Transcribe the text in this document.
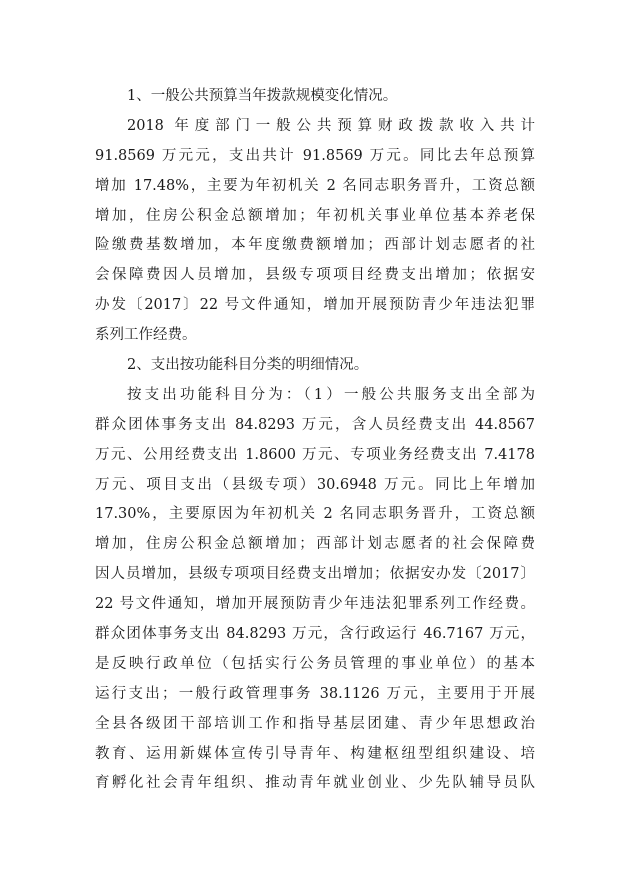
1、一般公共预算当年拨款规模变化情况。
2018 年度部门一般公共预算财政拨款收入共计
91.8569 万元元，支出共计 91.8569 万元。同比去年总预算
增加 17.48%，主要为年初机关 2 名同志职务晋升，工资总额
增加，住房公积金总额增加；年初机关事业单位基本养老保
险缴费基数增加，本年度缴费额增加；西部计划志愿者的社
会保障费因人员增加，县级专项项目经费支出增加；依据安
办发〔2017〕22 号文件通知，增加开展预防青少年违法犯罪
系列工作经费。
2、支出按功能科目分类的明细情况。
按支出功能科目分为：（1）一般公共服务支出全部为
群众团体事务支出 84.8293 万元，含人员经费支出 44.8567
万元、公用经费支出 1.8600 万元、专项业务经费支出 7.4178
万元、项目支出（县级专项）30.6948 万元。同比上年增加
17.30%，主要原因为年初机关 2 名同志职务晋升，工资总额
增加，住房公积金总额增加；西部计划志愿者的社会保障费
因人员增加，县级专项项目经费支出增加；依据安办发〔2017〕
22 号文件通知，增加开展预防青少年违法犯罪系列工作经费。
群众团体事务支出 84.8293 万元，含行政运行 46.7167 万元，
是反映行政单位（包括实行公务员管理的事业单位）的基本
运行支出；一般行政管理事务 38.1126 万元，主要用于开展
全县各级团干部培训工作和指导基层团建、青少年思想政治
教育、运用新媒体宣传引导青年、构建枢纽型组织建设、培
育孵化社会青年组织、推动青年就业创业、少先队辅导员队
